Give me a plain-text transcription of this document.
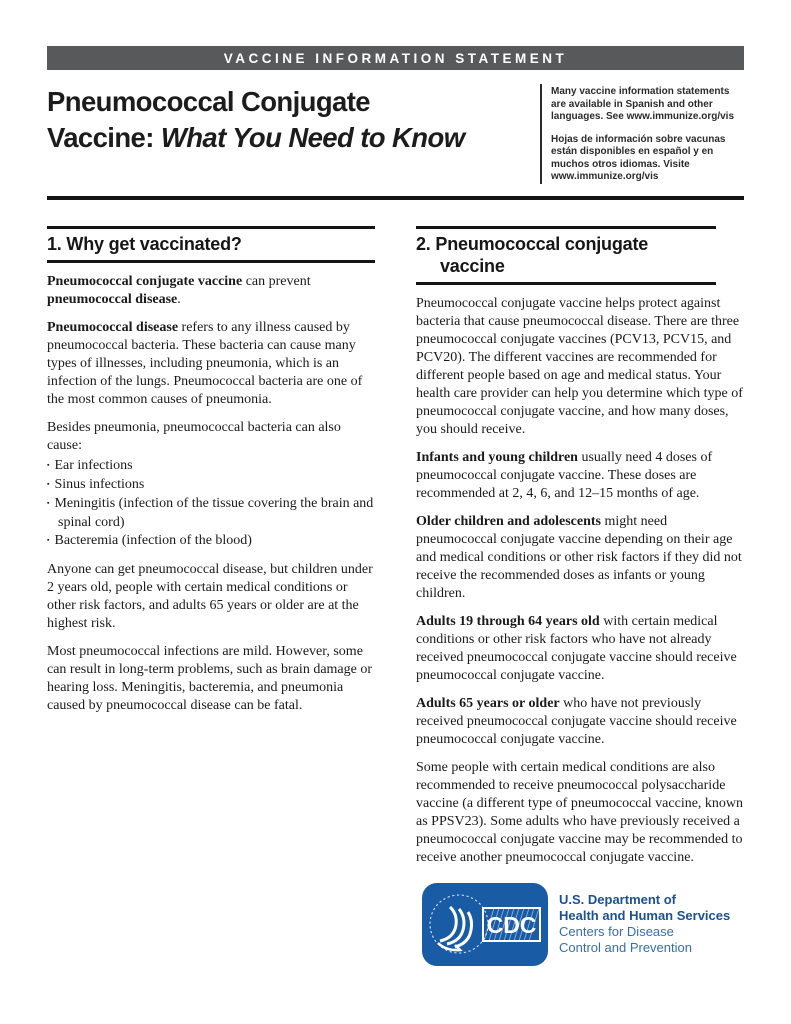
VACCINE INFORMATION STATEMENT
Pneumococcal Conjugate
Vaccine: What You Need to Know

Many vaccine information statements are available in Spanish and other languages. See www.immunize.org/vis

Hojas de información sobre vacunas están disponibles en español y en muchos otros idiomas. Visite www.immunize.org/vis

1. Why get vaccinated?

Pneumococcal conjugate vaccine can prevent pneumococcal disease.

Pneumococcal disease refers to any illness caused by pneumococcal bacteria. These bacteria can cause many types of illnesses, including pneumonia, which is an infection of the lungs. Pneumococcal bacteria are one of the most common causes of pneumonia.

Besides pneumonia, pneumococcal bacteria can also cause:

▪ Ear infections
▪ Sinus infections
▪ Meningitis (infection of the tissue covering the brain and spinal cord)
▪ Bacteremia (infection of the blood)

Anyone can get pneumococcal disease, but children under 2 years old, people with certain medical conditions or other risk factors, and adults 65 years or older are at the highest risk.

Most pneumococcal infections are mild. However, some can result in long-term problems, such as brain damage or hearing loss. Meningitis, bacteremia, and pneumonia caused by pneumococcal disease can be fatal.

2. Pneumococcal conjugate vaccine

Pneumococcal conjugate vaccine helps protect against bacteria that cause pneumococcal disease. There are three pneumococcal conjugate vaccines (PCV13, PCV15, and PCV20). The different vaccines are recommended for different people based on age and medical status. Your health care provider can help you determine which type of pneumococcal conjugate vaccine, and how many doses, you should receive.

Infants and young children usually need 4 doses of pneumococcal conjugate vaccine. These doses are recommended at 2, 4, 6, and 12–15 months of age.

Older children and adolescents might need pneumococcal conjugate vaccine depending on their age and medical conditions or other risk factors if they did not receive the recommended doses as infants or young children.

Adults 19 through 64 years old with certain medical conditions or other risk factors who have not already received pneumococcal conjugate vaccine should receive pneumococcal conjugate vaccine.

Adults 65 years or older who have not previously received pneumococcal conjugate vaccine should receive pneumococcal conjugate vaccine.

Some people with certain medical conditions are also recommended to receive pneumococcal polysaccharide vaccine (a different type of pneumococcal vaccine, known as PPSV23). Some adults who have previously received a pneumococcal conjugate vaccine may be recommended to receive another pneumococcal conjugate vaccine.

CDC
U.S. Department of
Health and Human Services
Centers for Disease
Control and Prevention
